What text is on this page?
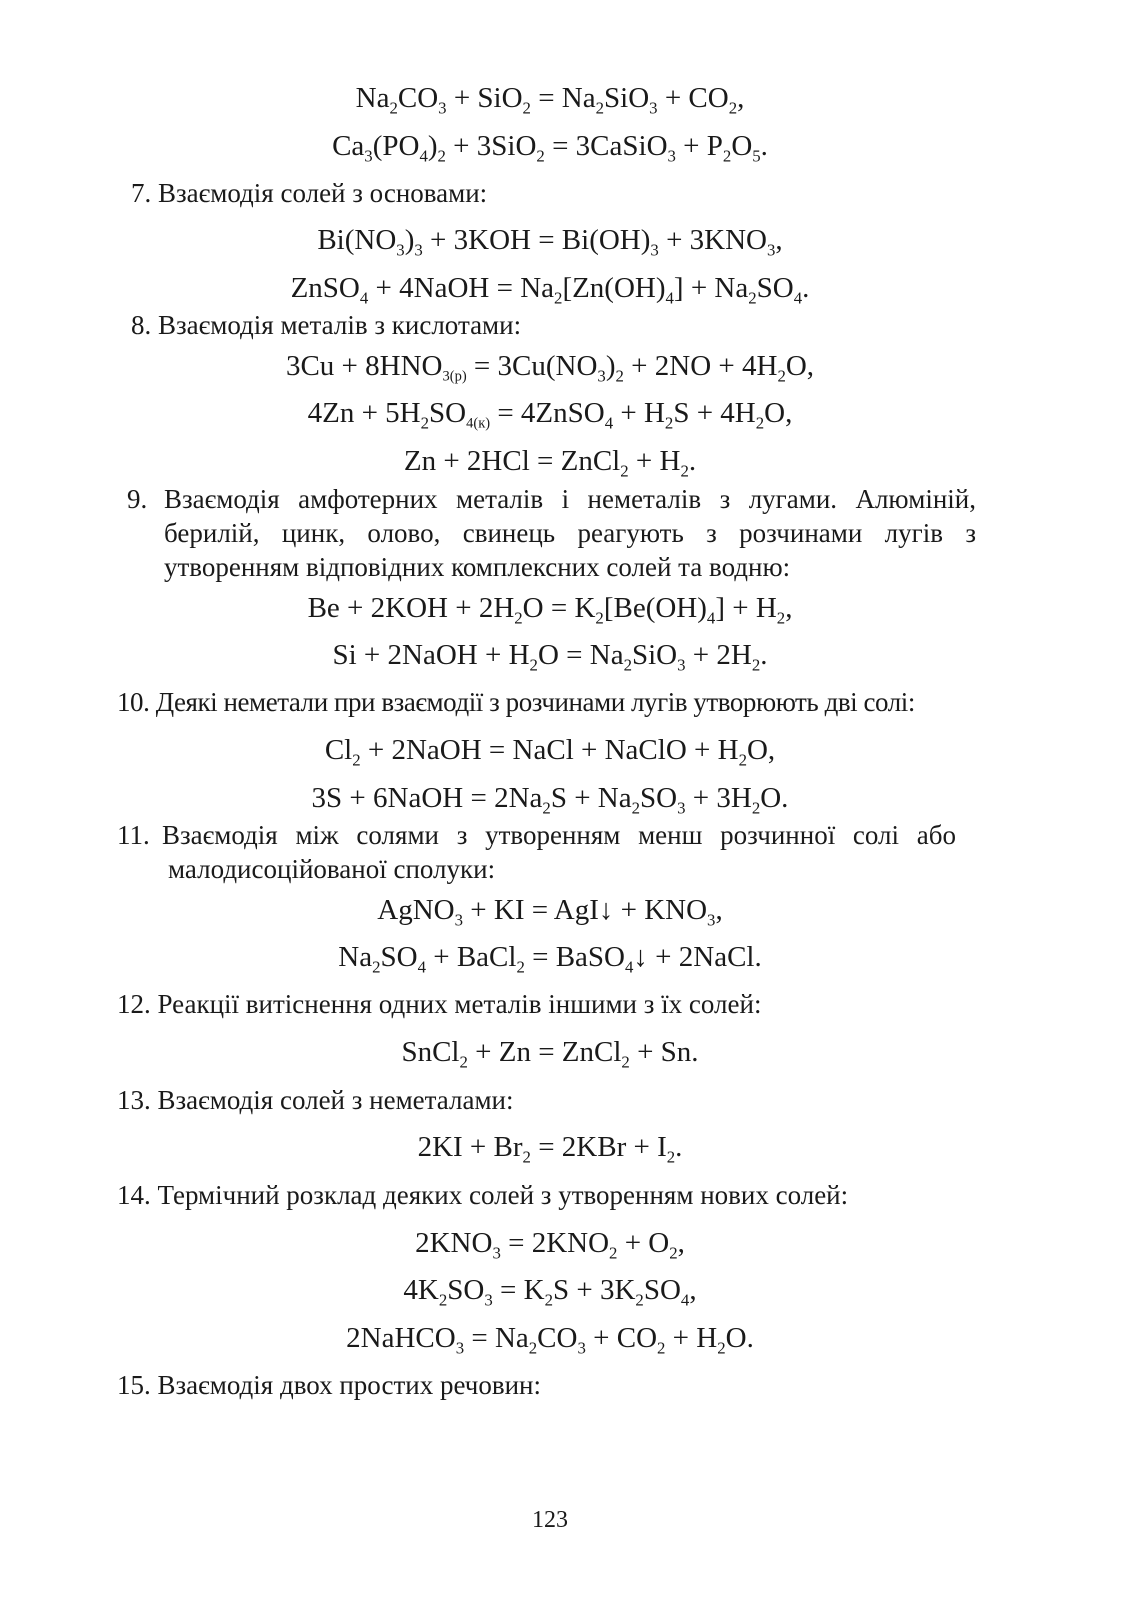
$Na_2CO_3 + SiO_2 = Na_2SiO_3 + CO_2$,
$Ca_3(PO_4)_2 + 3SiO_2$ = 3CaSiO$_3$ + $P_2O_5$.
7. Взаємодія солей з основами:
$Bi(NO_3)_3 + 3KOH = Bi(OH)_3 + 3KNO_3$,
ZnSO$_4$ + 4NaOH = $Na_2[Zn(OH)_4] + Na_2SO_4$.
8. Взаємодія металів з кислотами:
$3Cu + 8HNO_{3(р)} = 3Cu(NO_3)_2 + 2NO + 4H_2O$,
$4Zn + 5H_2SO_{4(к)}$ = 4ZnSO$_4$ + $H_2S + 4H_2O$,
Zn + 2HCl = ZnCl$_2$ + $H_2$.
9. Взаємодія амфотерних металів і неметалів з лугами. Алюміній,
берилій, цинк, олово, свинець реагують з розчинами лугів з
утворенням відповідних комплексних солей та водню:
$Be + 2KOH + 2H_2O = K_2[Be(OH)_4] + H_2$,
Si + 2NaOH + $H_2O = Na_2SiO_3 + 2H_2$.
10. Деякі неметали при взаємодії з розчинами лугів утворюють дві солі:
$Cl_2$ + 2NaOH = NaCl + NaClO + $H_2O$,
3S + 6NaOH = $2Na_2S + Na_2SO_3 + 3H_2O$.
11. Взаємодія між солями з утворенням менш розчинної солі або
малодисоційованої сполуки:
AgNO$_3$ + KI = AgI↓ + $KNO_3$,
$Na_2SO_4$ + BaCl$_2$ = BaSO$_4$↓ + 2NaCl.
12. Реакції витіснення одних металів іншими з їх солей:
SnCl$_2$ + Zn = ZnCl$_2$ + Sn.
13. Взаємодія солей з неметалами:
$2KI + Br_2 = 2KBr + I_2$.
14. Термічний розклад деяких солей з утворенням нових солей:
$2KNO_3 = 2KNO_2 + O_2$,
$4K_2SO_3 = K_2S + 3K_2SO_4$,
2NaHCO$_3$ = $Na_2CO_3 + CO_2 + H_2O$.
15. Взаємодія двох простих речовин:
123
